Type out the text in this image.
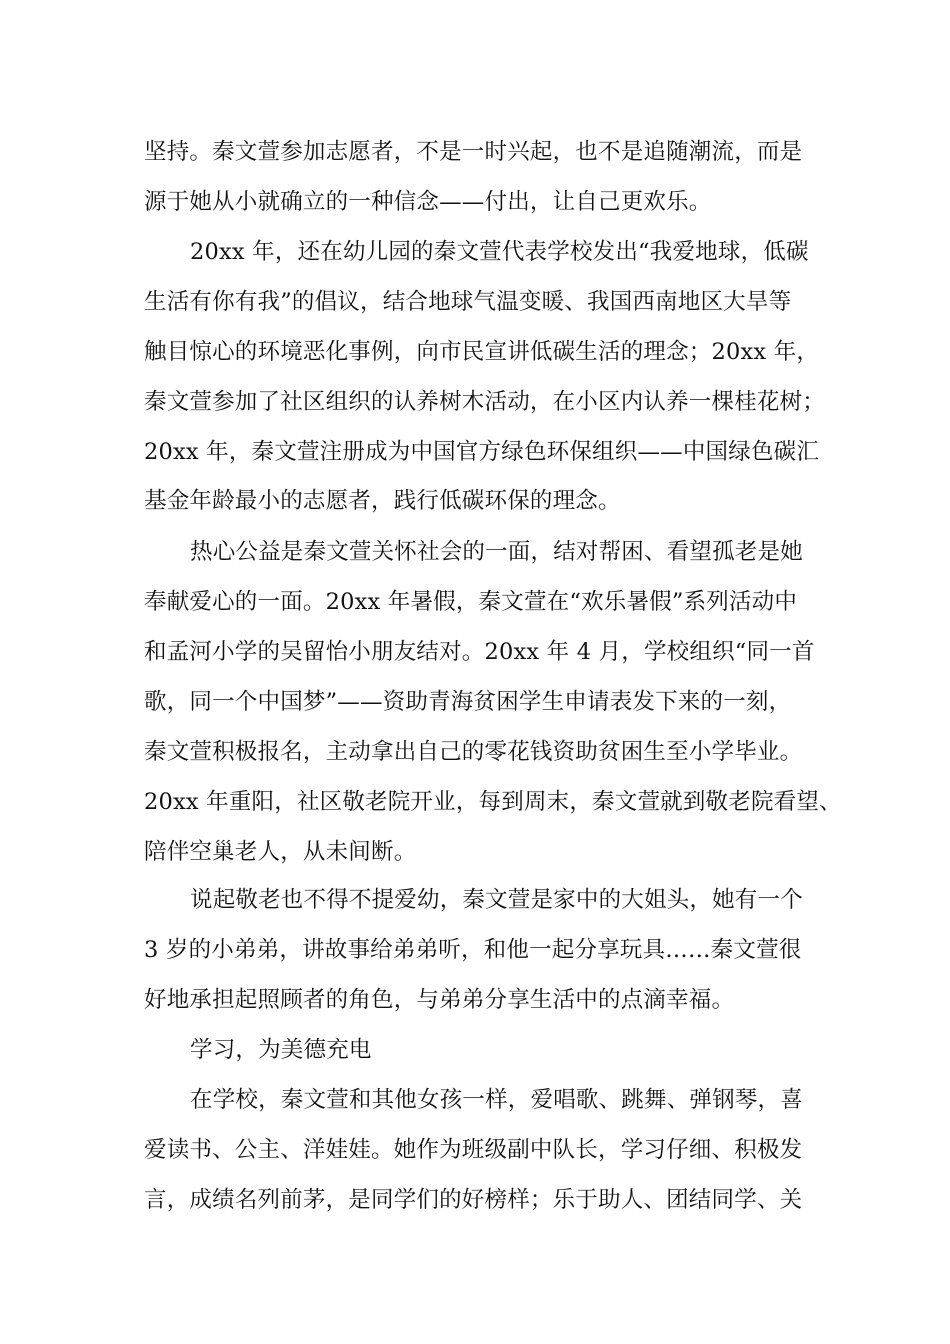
坚持。秦文萱参加志愿者，不是一时兴起，也不是追随潮流，而是
源于她从小就确立的一种信念——付出，让自己更欢乐。
20xx 年，还在幼儿园的秦文萱代表学校发出“我爱地球，低碳
生活有你有我”的倡议，结合地球气温变暖、我国西南地区大旱等
触目惊心的环境恶化事例，向市民宣讲低碳生活的理念；20xx 年，
秦文萱参加了社区组织的认养树木活动，在小区内认养一棵桂花树；
20xx 年，秦文萱注册成为中国官方绿色环保组织——中国绿色碳汇
基金年龄最小的志愿者，践行低碳环保的理念。
热心公益是秦文萱关怀社会的一面，结对帮困、看望孤老是她
奉献爱心的一面。20xx 年暑假，秦文萱在“欢乐暑假”系列活动中
和孟河小学的吴留怡小朋友结对。20xx 年 4 月，学校组织“同一首
歌，同一个中国梦”——资助青海贫困学生申请表发下来的一刻，
秦文萱积极报名，主动拿出自己的零花钱资助贫困生至小学毕业。
20xx 年重阳，社区敬老院开业，每到周末，秦文萱就到敬老院看望、
陪伴空巢老人，从未间断。
说起敬老也不得不提爱幼，秦文萱是家中的大姐头，她有一个
3 岁的小弟弟，讲故事给弟弟听，和他一起分享玩具……秦文萱很
好地承担起照顾者的角色，与弟弟分享生活中的点滴幸福。
学习，为美德充电
在学校，秦文萱和其他女孩一样，爱唱歌、跳舞、弹钢琴，喜
爱读书、公主、洋娃娃。她作为班级副中队长，学习仔细、积极发
言，成绩名列前茅，是同学们的好榜样；乐于助人、团结同学、关
